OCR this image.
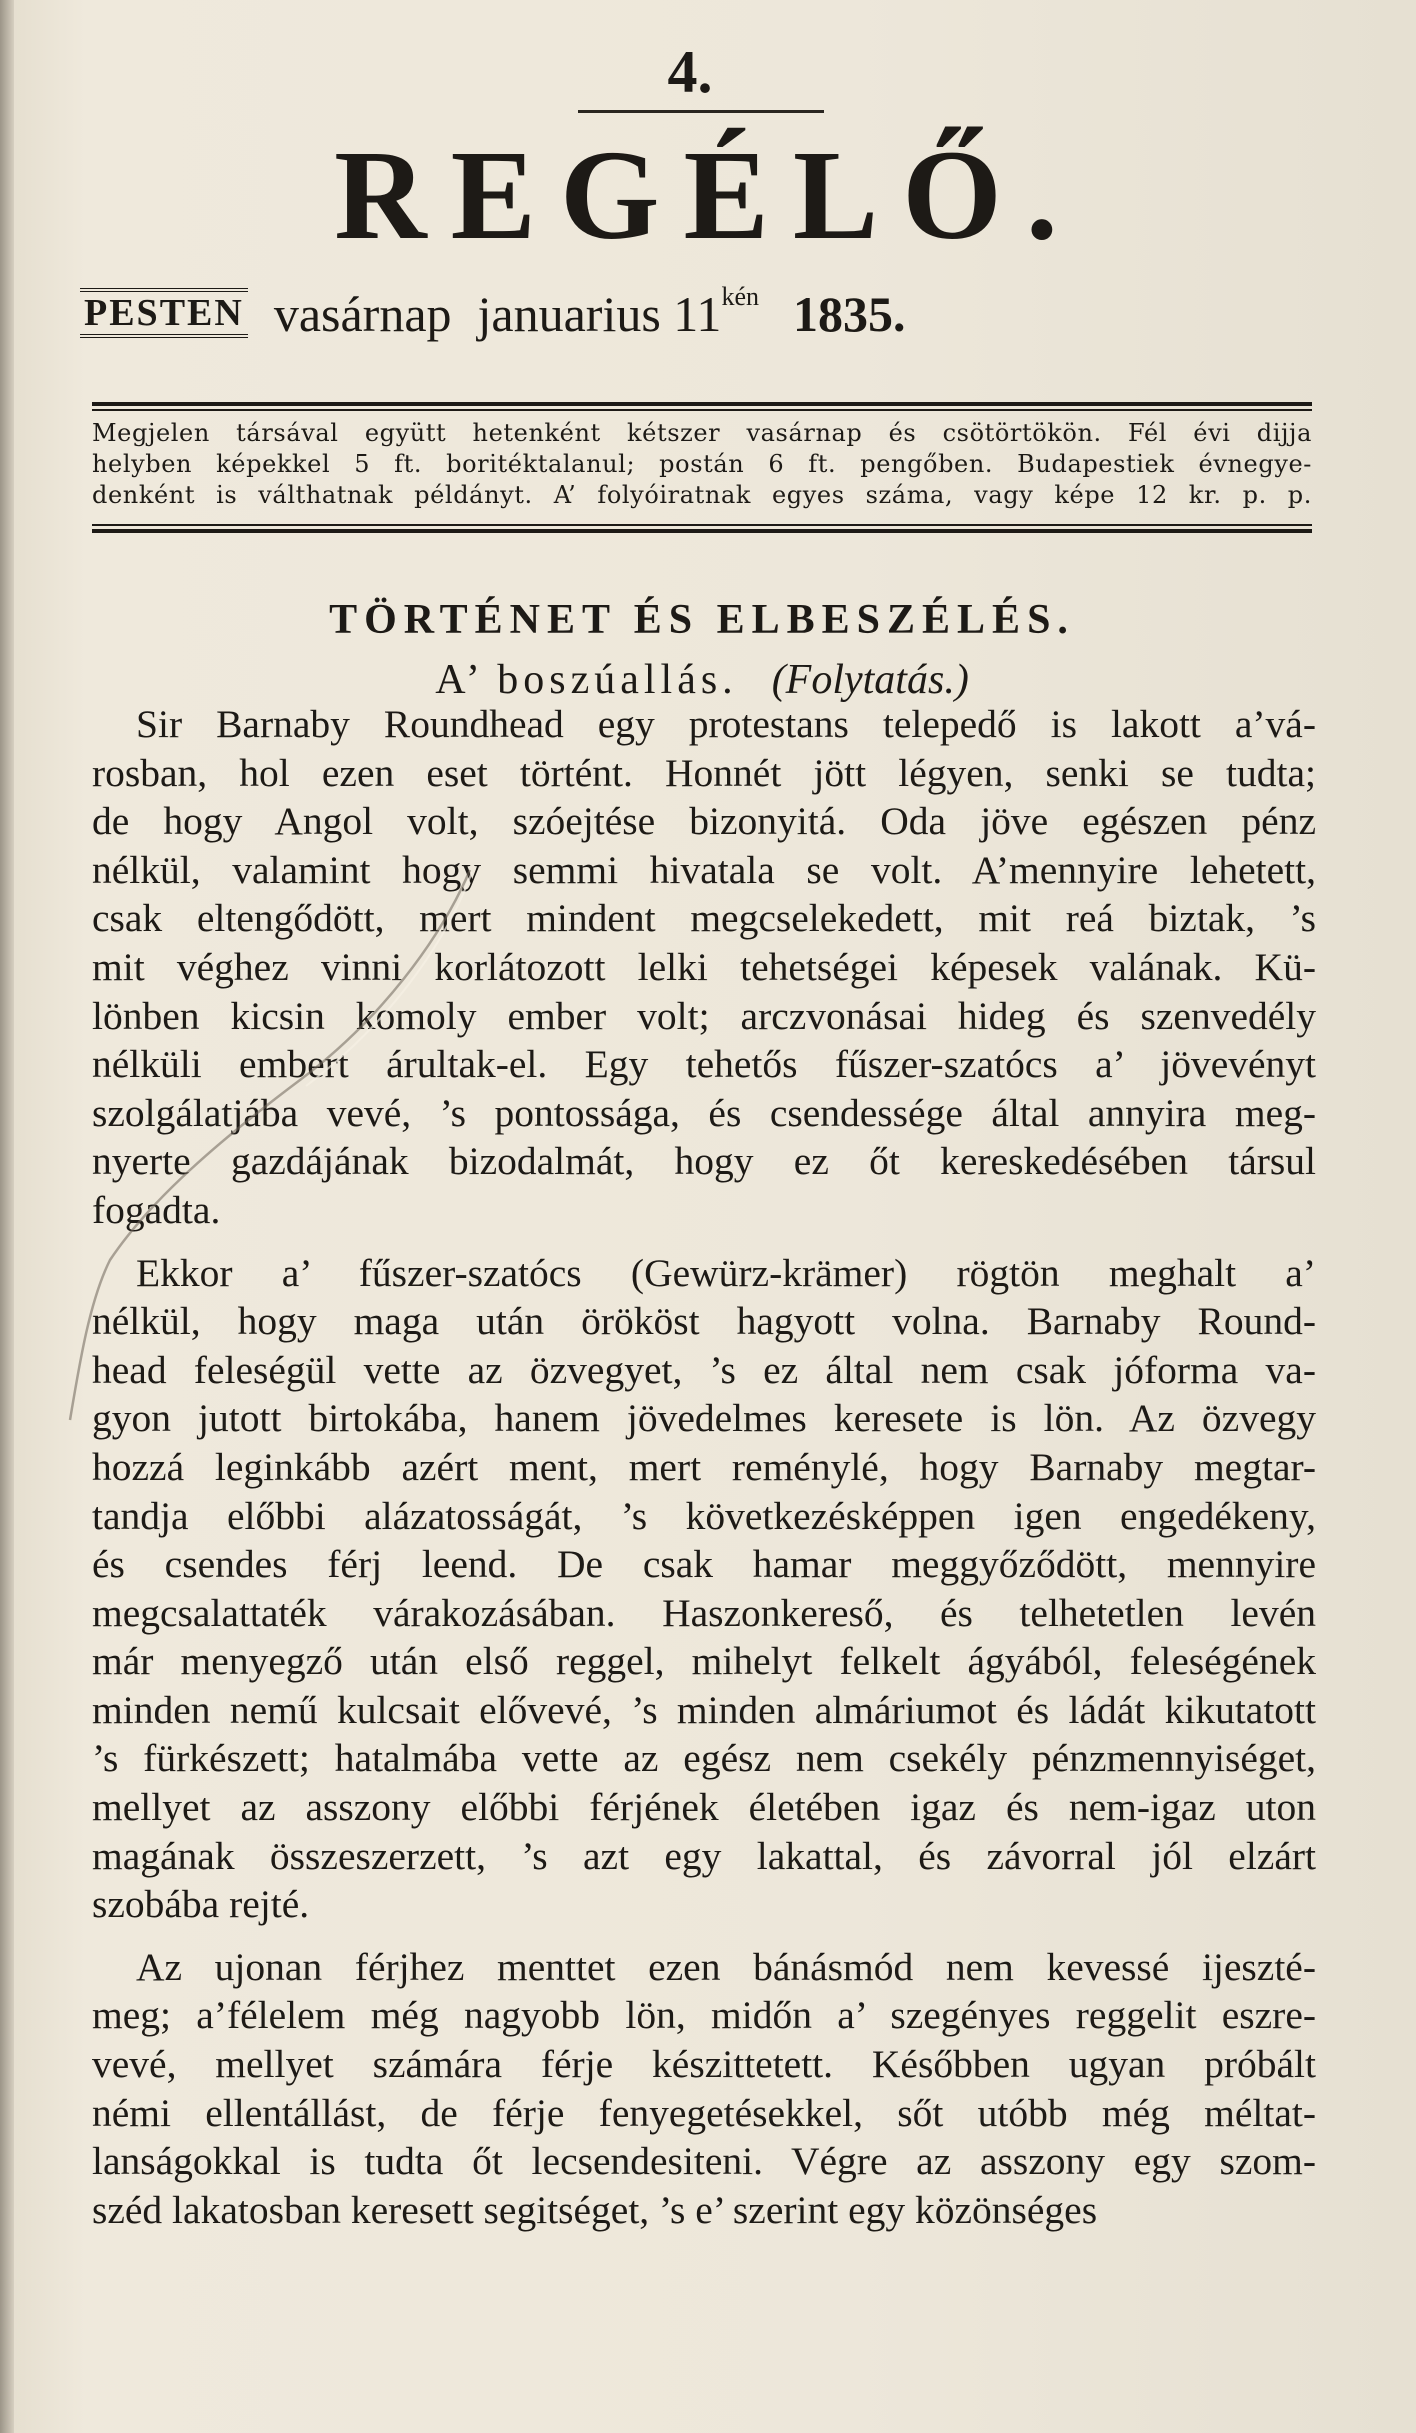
4.
REGÉLŐ.
PESTEN vasárnap januarius $11^{kén}$ 1835.
Megjelen társával együtt hetenként kétszer vasárnap és csötörtökön. Fél évi dijja
helyben képekkel 5 ft. boritéktalanul; postán 6 ft. pengőben. Budapestiek évnegye-
denként is válthatnak példányt. A’ folyóiratnak egyes száma, vagy képe 12 kr. p. p.
TÖRTÉNET ÉS ELBESZÉLÉS.
A’ boszúallás. (Folytatás.)
Sir Barnaby Roundhead egy protestans telepedő is lakott a’vá-
rosban, hol ezen eset történt. Honnét jött légyen, senki se tudta;
de hogy Angol volt, szóejtése bizonyitá. Oda jöve egészen pénz
nélkül, valamint hogy semmi hivatala se volt. A’mennyire lehetett,
csak eltengődött, mert mindent megcselekedett, mit reá biztak, ’s
mit véghez vinni korlátozott lelki tehetségei képesek valának. Kü-
lönben kicsin komoly ember volt; arczvonásai hideg és szenvedély
nélküli embert árultak-el. Egy tehetős fűszer-szatócs a’ jövevényt
szolgálatjába vevé, ’s pontossága, és csendessége által annyira meg-
nyerte gazdájának bizodalmát, hogy ez őt kereskedésében társul
fogadta.
Ekkor a’ fűszer-szatócs (Gewürz-krämer) rögtön meghalt a’
nélkül, hogy maga után örököst hagyott volna. Barnaby Round-
head feleségül vette az özvegyet, ’s ez által nem csak jóforma va-
gyon jutott birtokába, hanem jövedelmes keresete is lön. Az özvegy
hozzá leginkább azért ment, mert reménylé, hogy Barnaby megtar-
tandja előbbi alázatosságát, ’s következésképpen igen engedékeny,
és csendes férj leend. De csak hamar meggyőződött, mennyire
megcsalattaték várakozásában. Haszonkereső, és telhetetlen levén
már menyegző után első reggel, mihelyt felkelt ágyából, feleségének
minden nemű kulcsait elővevé, ’s minden almáriumot és ládát kikutatott
’s fürkészett; hatalmába vette az egész nem csekély pénzmennyiséget,
mellyet az asszony előbbi férjének életében igaz és nem-igaz uton
magának összeszerzett, ’s azt egy lakattal, és závorral jól elzárt
szobába rejté.
Az ujonan férjhez menttet ezen bánásmód nem kevessé ijeszté-
meg; a’félelem még nagyobb lön, midőn a’ szegényes reggelit eszre-
vevé, mellyet számára férje készittetett. Későbben ugyan próbált
némi ellentállást, de férje fenyegetésekkel, sőt utóbb még méltat-
lanságokkal is tudta őt lecsendesiteni. Végre az asszony egy szom-
széd lakatosban keresett segitséget, ’s e’ szerint egy közönséges
